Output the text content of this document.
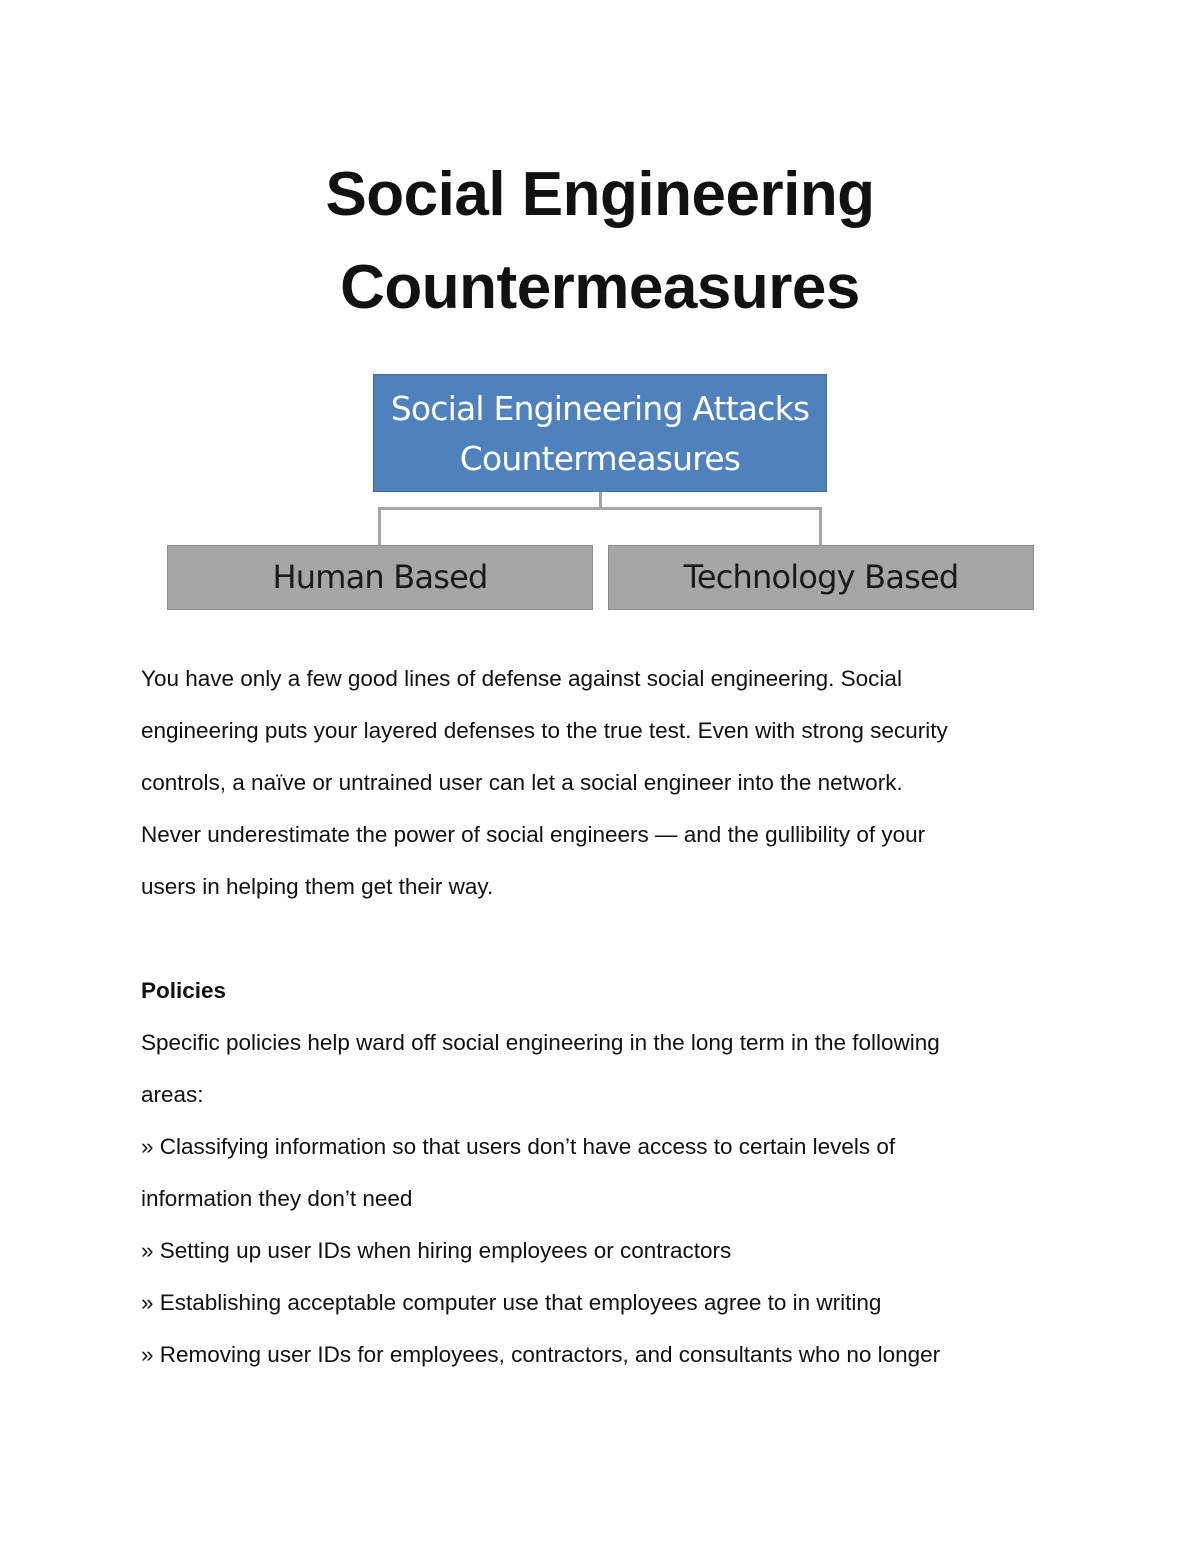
Social Engineering
Countermeasures
Social Engineering Attacks
Countermeasures
Human Based	Technology Based

You have only a few good lines of defense against social engineering. Social

engineering puts your layered defenses to the true test. Even with strong security

controls, a naïve or untrained user can let a social engineer into the network.

Never underestimate the power of social engineers — and the gullibility of your

users in helping them get their way.

Policies

Specific policies help ward off social engineering in the long term in the following

areas:

» Classifying information so that users don’t have access to certain levels of

information they don’t need

» Setting up user IDs when hiring employees or contractors

» Establishing acceptable computer use that employees agree to in writing

» Removing user IDs for employees, contractors, and consultants who no longer
